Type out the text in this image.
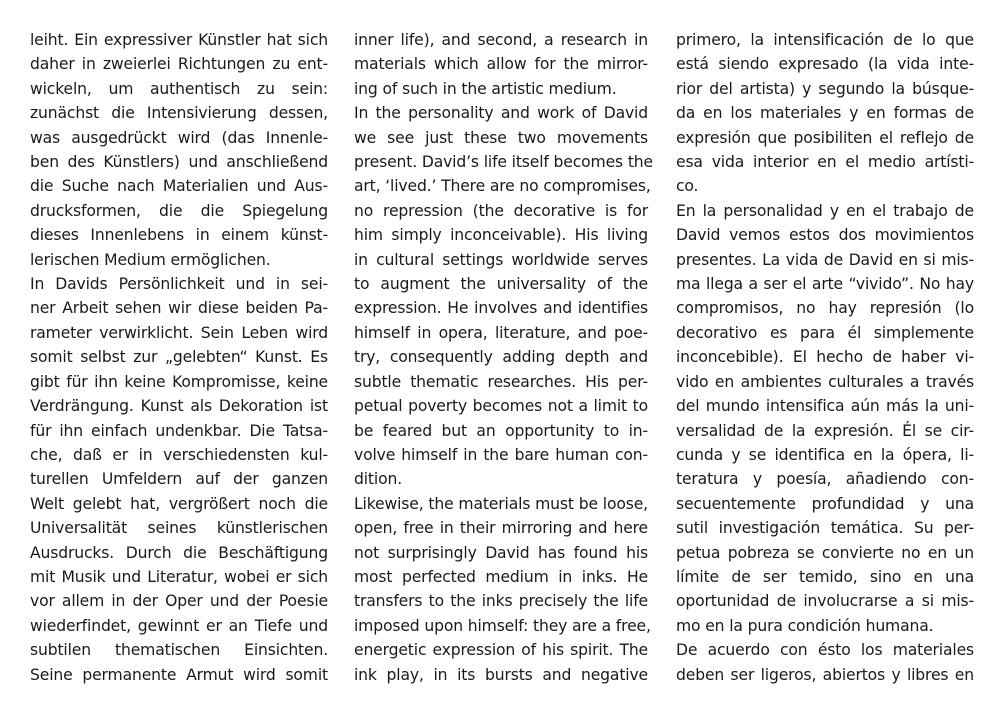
leiht. Ein expressiver Künstler hat sich
daher in zweierlei Richtungen zu ent-
wickeln, um authentisch zu sein:
zunächst die Intensivierung dessen,
was ausgedrückt wird (das Innenle-
ben des Künstlers) und anschließend
die Suche nach Materialien und Aus-
drucksformen, die die Spiegelung
dieses Innenlebens in einem künst-
lerischen Medium ermöglichen.
In Davids Persönlichkeit und in sei-
ner Arbeit sehen wir diese beiden Pa-
rameter verwirklicht. Sein Leben wird
somit selbst zur „gelebten“ Kunst. Es
gibt für ihn keine Kompromisse, keine
Verdrängung. Kunst als Dekoration ist
für ihn einfach undenkbar. Die Tatsa-
che, daß er in verschiedensten kul-
turellen Umfeldern auf der ganzen
Welt gelebt hat, vergrößert noch die
Universalität seines künstlerischen
Ausdrucks. Durch die Beschäftigung
mit Musik und Literatur, wobei er sich
vor allem in der Oper und der Poesie
wiederfindet, gewinnt er an Tiefe und
subtilen thematischen Einsichten.
Seine permanente Armut wird somit
inner life), and second, a research in
materials which allow for the mirror-
ing of such in the artistic medium.
In the personality and work of David
we see just these two movements
present. David’s life itself becomes the
art, ‘lived.’ There are no compromises,
no repression (the decorative is for
him simply inconceivable). His living
in cultural settings worldwide serves
to augment the universality of the
expression. He involves and identifies
himself in opera, literature, and poe-
try, consequently adding depth and
subtle thematic researches. His per-
petual poverty becomes not a limit to
be feared but an opportunity to in-
volve himself in the bare human con-
dition.
Likewise, the materials must be loose,
open, free in their mirroring and here
not surprisingly David has found his
most perfected medium in inks. He
transfers to the inks precisely the life
imposed upon himself: they are a free,
energetic expression of his spirit. The
ink play, in its bursts and negative
primero, la intensificación de lo que
está siendo expresado (la vida inte-
rior del artista) y segundo la búsque-
da en los materiales y en formas de
expresión que posibiliten el reflejo de
esa vida interior en el medio artísti-
co.
En la personalidad y en el trabajo de
David vemos estos dos movimientos
presentes. La vida de David en si mis-
ma llega a ser el arte “vivido”. No hay
compromisos, no hay represión (lo
decorativo es para él simplemente
inconcebible). El hecho de haber vi-
vido en ambientes culturales a través
del mundo intensifica aún más la uni-
versalidad de la expresión. Él se cir-
cunda y se identifica en la ópera, li-
teratura y poesía, añadiendo con-
secuentemente profundidad y una
sutil investigación temática. Su per-
petua pobreza se convierte no en un
límite de ser temido, sino en una
oportunidad de involucrarse a si mis-
mo en la pura condición humana.
De acuerdo con ésto los materiales
deben ser ligeros, abiertos y libres en
